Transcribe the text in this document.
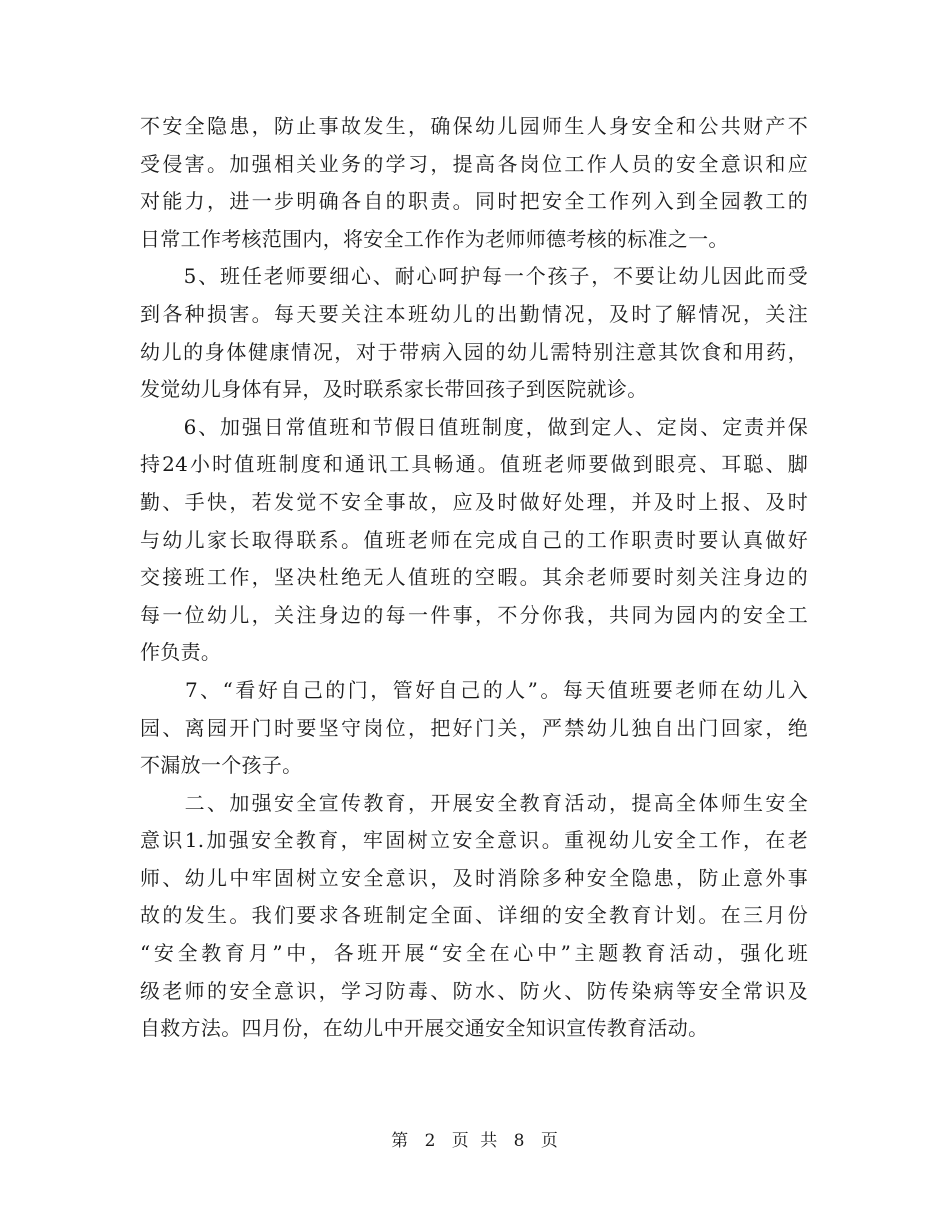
不安全隐患，防止事故发生，确保幼儿园师生人身安全和公共财产不
受侵害。加强相关业务的学习，提高各岗位工作人员的安全意识和应
对能力，进一步明确各自的职责。同时把安全工作列入到全园教工的
日常工作考核范围内，将安全工作作为老师师德考核的标准之一。
　　5、班任老师要细心、耐心呵护每一个孩子，不要让幼儿因此而受
到各种损害。每天要关注本班幼儿的出勤情况，及时了解情况，关注
幼儿的身体健康情况，对于带病入园的幼儿需特别注意其饮食和用药，
发觉幼儿身体有异，及时联系家长带回孩子到医院就诊。
　　6、加强日常值班和节假日值班制度，做到定人、定岗、定责并保
持24小时值班制度和通讯工具畅通。值班老师要做到眼亮、耳聪、脚
勤、手快，若发觉不安全事故，应及时做好处理，并及时上报、及时
与幼儿家长取得联系。值班老师在完成自己的工作职责时要认真做好
交接班工作，坚决杜绝无人值班的空暇。其余老师要时刻关注身边的
每一位幼儿，关注身边的每一件事，不分你我，共同为园内的安全工
作负责。
　　7、“看好自己的门，管好自己的人”。每天值班要老师在幼儿入
园、离园开门时要坚守岗位，把好门关，严禁幼儿独自出门回家，绝
不漏放一个孩子。
　　二、加强安全宣传教育，开展安全教育活动，提高全体师生安全
意识1.加强安全教育，牢固树立安全意识。重视幼儿安全工作，在老
师、幼儿中牢固树立安全意识，及时消除多种安全隐患，防止意外事
故的发生。我们要求各班制定全面、详细的安全教育计划。在三月份
“安全教育月”中，各班开展“安全在心中”主题教育活动，强化班
级老师的安全意识，学习防毒、防水、防火、防传染病等安全常识及
自救方法。四月份，在幼儿中开展交通安全知识宣传教育活动。
第 2 页 共 8 页
